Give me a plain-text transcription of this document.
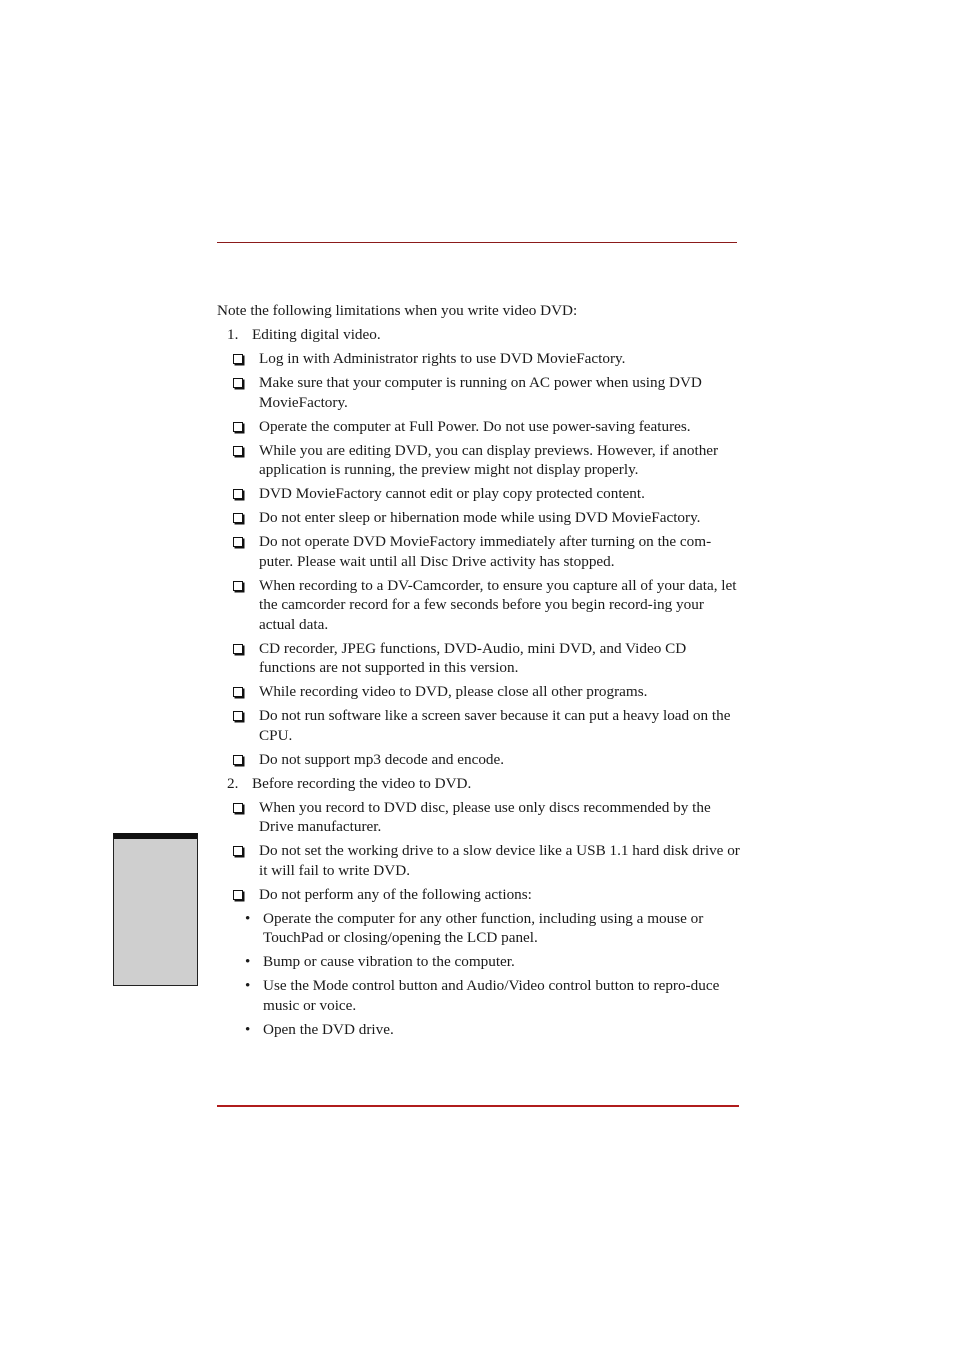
Note the following limitations when you write video DVD:

1. Editing digital video.
Log in with Administrator rights to use DVD MovieFactory.
Make sure that your computer is running on AC power when using DVD MovieFactory.
Operate the computer at Full Power. Do not use power-saving features.
While you are editing DVD, you can display previews. However, if another application is running, the preview might not display properly.
DVD MovieFactory cannot edit or play copy protected content.
Do not enter sleep or hibernation mode while using DVD MovieFactory.
Do not operate DVD MovieFactory immediately after turning on the com-puter. Please wait until all Disc Drive activity has stopped.
When recording to a DV-Camcorder, to ensure you capture all of your data, let the camcorder record for a few seconds before you begin record-ing your actual data.
CD recorder, JPEG functions, DVD-Audio, mini DVD, and Video CD functions are not supported in this version.
While recording video to DVD, please close all other programs.
Do not run software like a screen saver because it can put a heavy load on the CPU.
Do not support mp3 decode and encode.
2. Before recording the video to DVD.
When you record to DVD disc, please use only discs recommended by the Drive manufacturer.
Do not set the working drive to a slow device like a USB 1.1 hard disk drive or it will fail to write DVD.
Do not perform any of the following actions:
• Operate the computer for any other function, including using a mouse or TouchPad or closing/opening the LCD panel.
• Bump or cause vibration to the computer.
• Use the Mode control button and Audio/Video control button to repro-duce music or voice.
• Open the DVD drive.
